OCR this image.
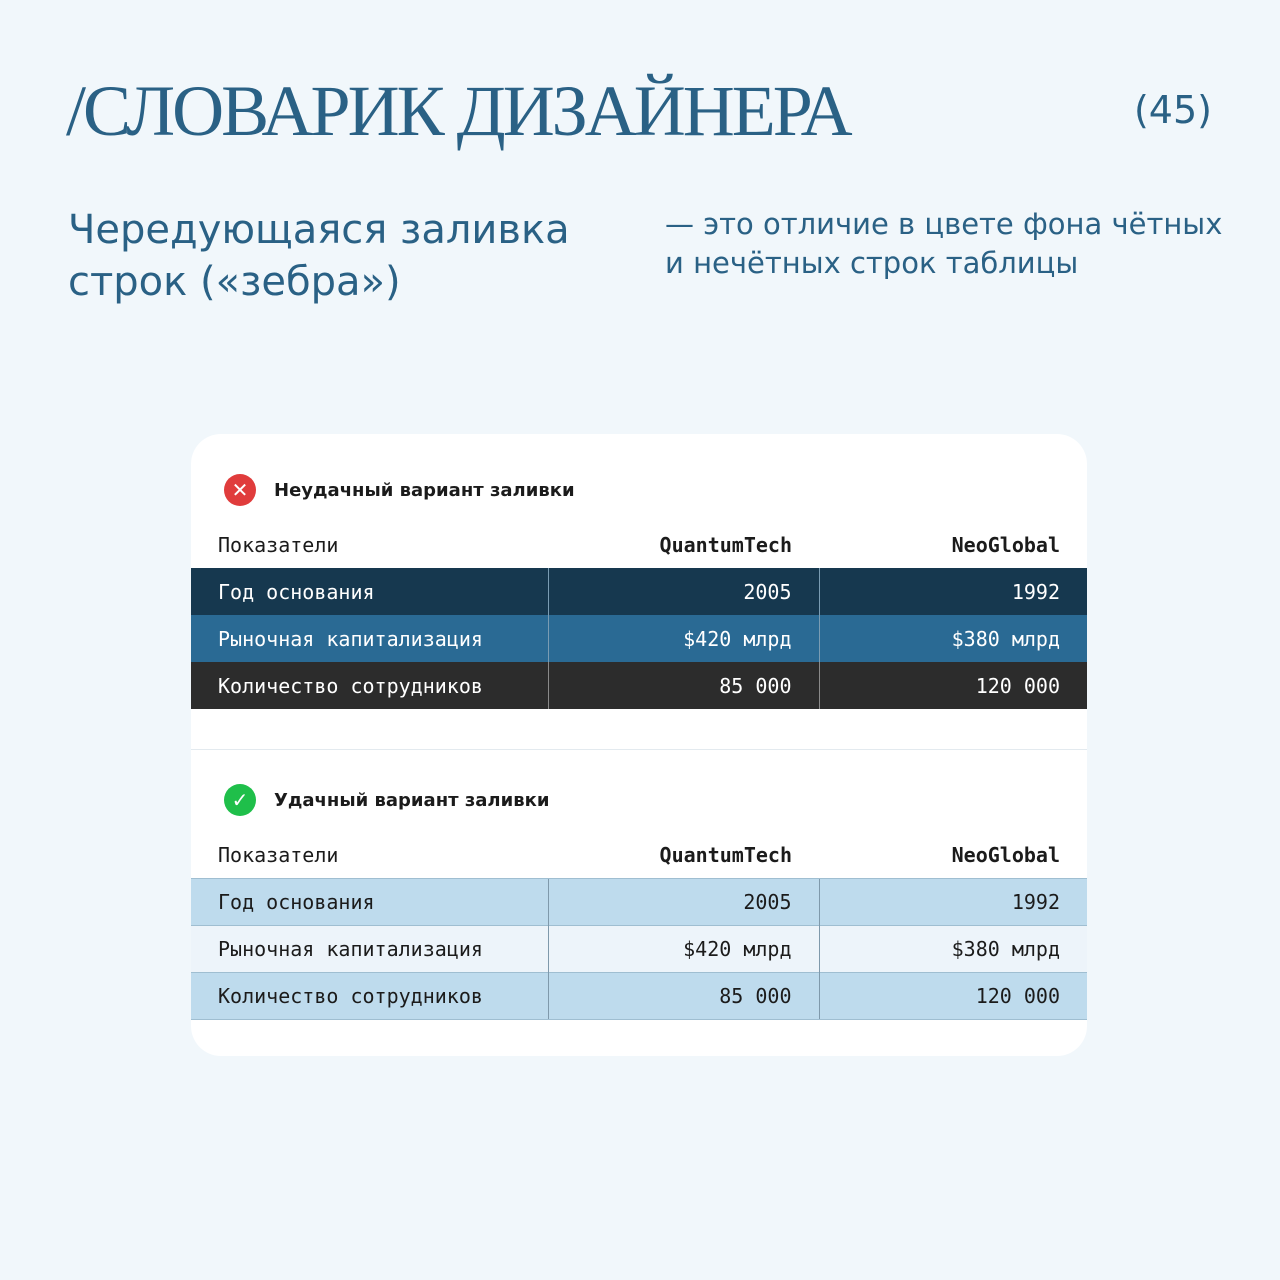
/СЛОВАРИК ДИЗАЙНЕРА	(45)
Чередующаяся заливка строк («зебра»)
— это отличие в цвете фона чётных и нечётных строк таблицы
✕	Неудачный вариант заливки
Показатели	QuantumTech	NeoGlobal
Год основания	2005	1992
Рыночная капитализация	$420 млрд	$380 млрд
Количество сотрудников	85 000	120 000
✓	Удачный вариант заливки
Показатели	QuantumTech	NeoGlobal
Год основания	2005	1992
Рыночная капитализация	$420 млрд	$380 млрд
Количество сотрудников	85 000	120 000
